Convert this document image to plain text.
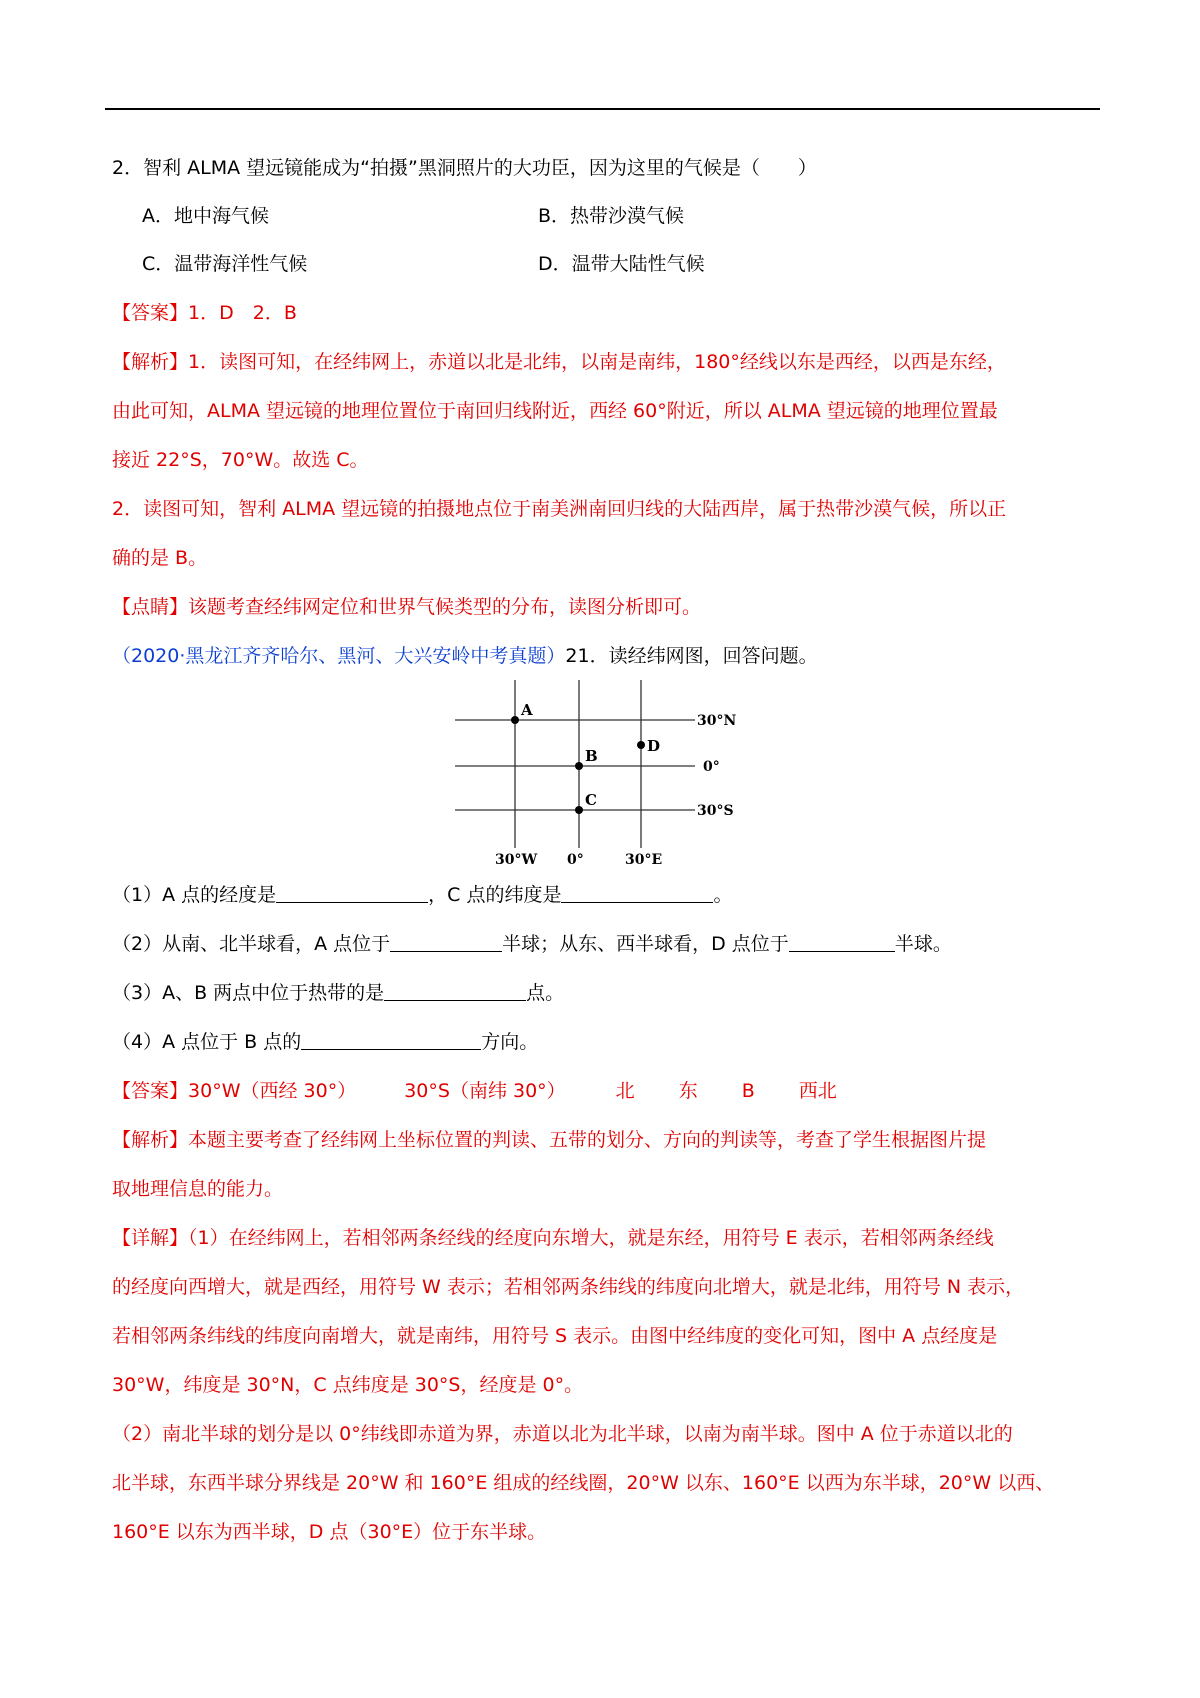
2．智利 ALMA 望远镜能成为“拍摄”黑洞照片的大功臣，因为这里的气候是（　　）
A．地中海气候	B．热带沙漠气候
C．温带海洋性气候	D．温带大陆性气候
【答案】1．D　2．B
【解析】1．读图可知，在经纬网上，赤道以北是北纬，以南是南纬，180°经线以东是西经，以西是东经，
由此可知，ALMA 望远镜的地理位置位于南回归线附近，西经 60°附近，所以 ALMA 望远镜的地理位置最
接近 22°S，70°W。故选 C。
2．读图可知，智利 ALMA 望远镜的拍摄地点位于南美洲南回归线的大陆西岸，属于热带沙漠气候，所以正
确的是 B。
【点睛】该题考查经纬网定位和世界气候类型的分布，读图分析即可。
（2020·黑龙江齐齐哈尔、黑河、大兴安岭中考真题）21．读经纬网图，回答问题。
A
B
C
D
30°N
0°
30°S
30°W 0°	30°E
（1）A 点的经度是	，C 点的纬度是	。
（2）从南、北半球看，A 点位于	半球；从东、西半球看，D 点位于	半球。
（3）A、B 两点中位于热带的是	点。
（4）A 点位于 B 点的	方向。
【答案】30°W（西经 30°）	30°S（南纬 30°）	北 东 B 西北
【解析】本题主要考查了经纬网上坐标位置的判读、五带的划分、方向的判读等，考查了学生根据图片提
取地理信息的能力。
【详解】（1）在经纬网上，若相邻两条经线的经度向东增大，就是东经，用符号 E 表示，若相邻两条经线
的经度向西增大，就是西经，用符号 W 表示；若相邻两条纬线的纬度向北增大，就是北纬，用符号 N 表示，
若相邻两条纬线的纬度向南增大，就是南纬，用符号 S 表示。由图中经纬度的变化可知，图中 A 点经度是
30°W，纬度是 30°N，C 点纬度是 30°S，经度是 0°。
（2）南北半球的划分是以 0°纬线即赤道为界，赤道以北为北半球，以南为南半球。图中 A 位于赤道以北的
北半球，东西半球分界线是 20°W 和 160°E 组成的经线圈，20°W 以东、160°E 以西为东半球，20°W 以西、
160°E 以东为西半球，D 点（30°E）位于东半球。
